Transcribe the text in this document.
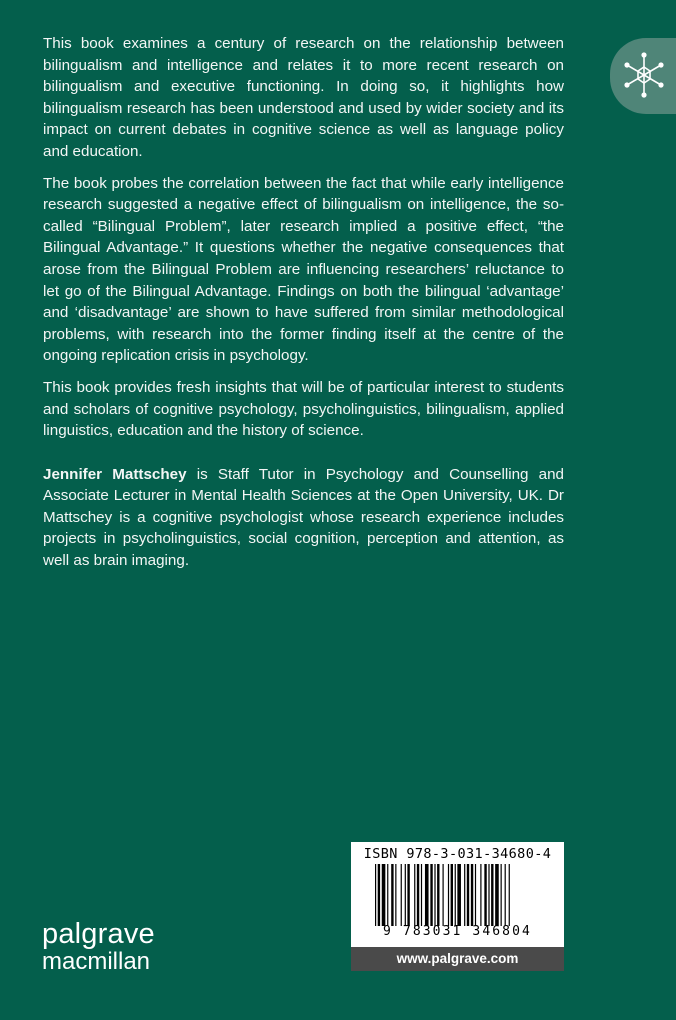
This book examines a century of research on the relationship between bilingualism and intelligence and relates it to more recent research on bilingualism and executive functioning. In doing so, it highlights how bilingualism research has been understood and used by wider society and its impact on current debates in cognitive science as well as language policy and education.

The book probes the correlation between the fact that while early intelligence research suggested a negative effect of bilingualism on intelligence, the so-called “Bilingual Problem”, later research implied a positive effect, “the Bilingual Advantage.” It questions whether the negative consequences that arose from the Bilingual Problem are influencing researchers’ reluctance to let go of the Bilingual Advantage. Findings on both the bilingual ‘advantage’ and ‘disadvantage’ are shown to have suffered from similar methodological problems, with research into the former finding itself at the centre of the ongoing replication crisis in psychology.

This book provides fresh insights that will be of particular interest to students and scholars of cognitive psychology, psycholinguistics, bilingualism, applied linguistics, education and the history of science.

Jennifer Mattschey is Staff Tutor in Psychology and Counselling and Associate Lecturer in Mental Health Sciences at the Open University, UK. Dr Mattschey is a cognitive psychologist whose research experience includes projects in psycholinguistics, social cognition, perception and attention, as well as brain imaging.

palgrave
macmillan
ISBN 978-3-031-34680-4
9 783031 346804
www.palgrave.com
